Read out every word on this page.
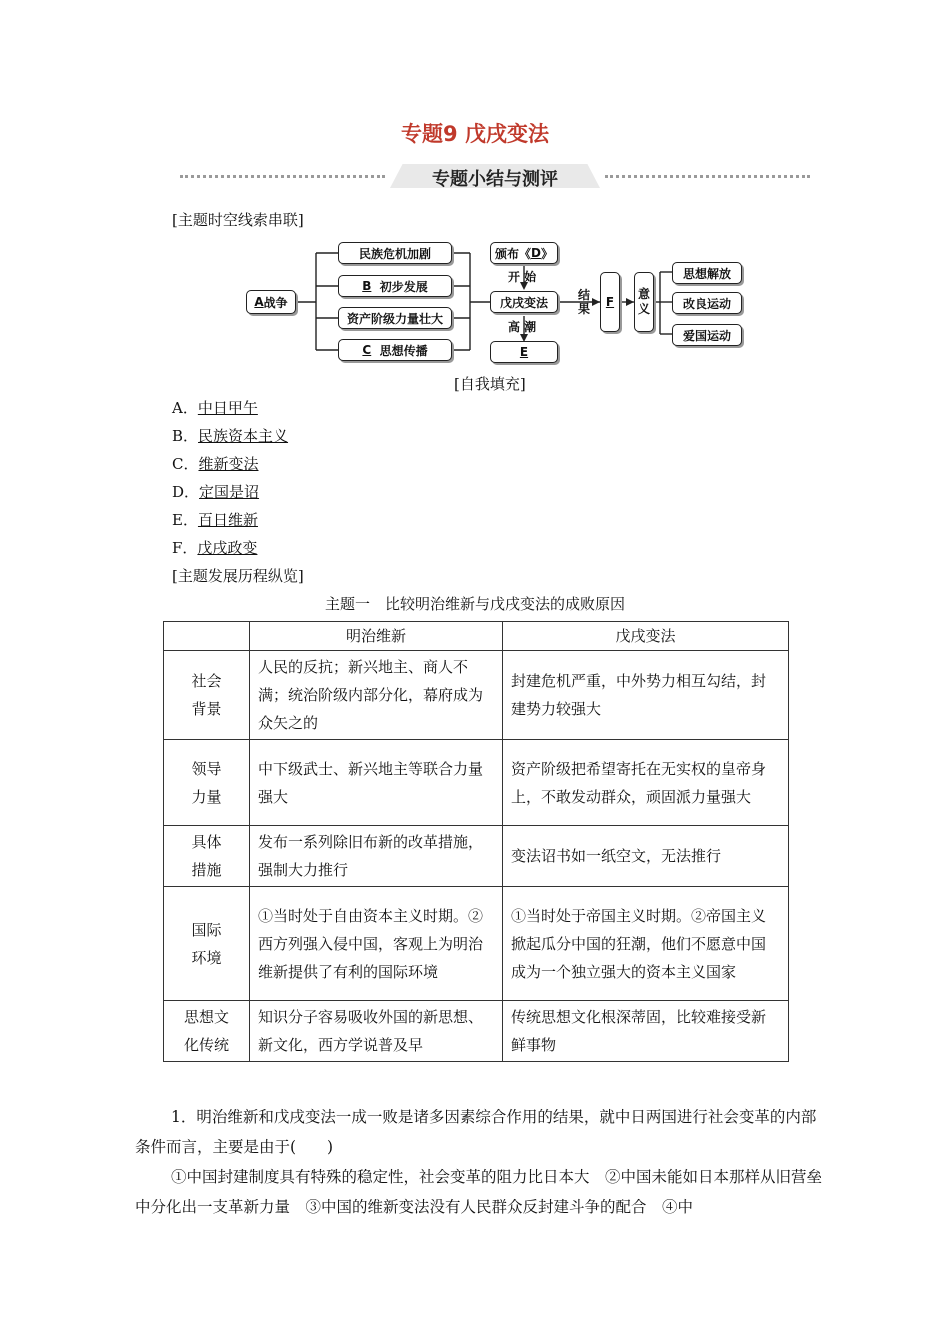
专题9 戊戌变法
专题小结与测评
[主题时空线索串联]
A 战争
民族危机加剧
B
初步发展
资产阶级力量壮大
C
思想传播
颁布《 D 》
开 始
戊戌变法
高 潮
E
结果 F
意义
思想解放
改良运动
爱国运动
[自我填充]
A．中日甲午
B．民族资本主义
C．维新变法
D．定国是诏
E．百日维新
F．戊戌政变
[主题发展历程纵览]
主题一　比较明治维新与戊戌变法的成败原因
	明治维新	戊戌变法
社会背景	人民的反抗；新兴地主、商人不满；统治阶级内部分化，幕府成为众矢之的	封建危机严重，中外势力相互勾结，封建势力较强大
领导力量	中下级武士、新兴地主等联合力量强大	资产阶级把希望寄托在无实权的皇帝身上，不敢发动群众，顽固派力量强大
具体措施	发布一系列除旧布新的改革措施，强制大力推行	变法诏书如一纸空文，无法推行
国际环境	①当时处于自由资本主义时期。②西方列强入侵中国，客观上为明治维新提供了有利的国际环境	①当时处于帝国主义时期。②帝国主义掀起瓜分中国的狂潮，他们不愿意中国成为一个独立强大的资本主义国家
思想文化传统	知识分子容易吸收外国的新思想、新文化，西方学说普及早	传统思想文化根深蒂固，比较难接受新鲜事物
1．明治维新和戊戌变法一成一败是诸多因素综合作用的结果，就中日两国进行社会变革的内部条件而言，主要是由于(　　)
①中国封建制度具有特殊的稳定性，社会变革的阻力比日本大　②中国未能如日本那样从旧营垒中分化出一支革新力量　③中国的维新变法没有人民群众反封建斗争的配合　④中
